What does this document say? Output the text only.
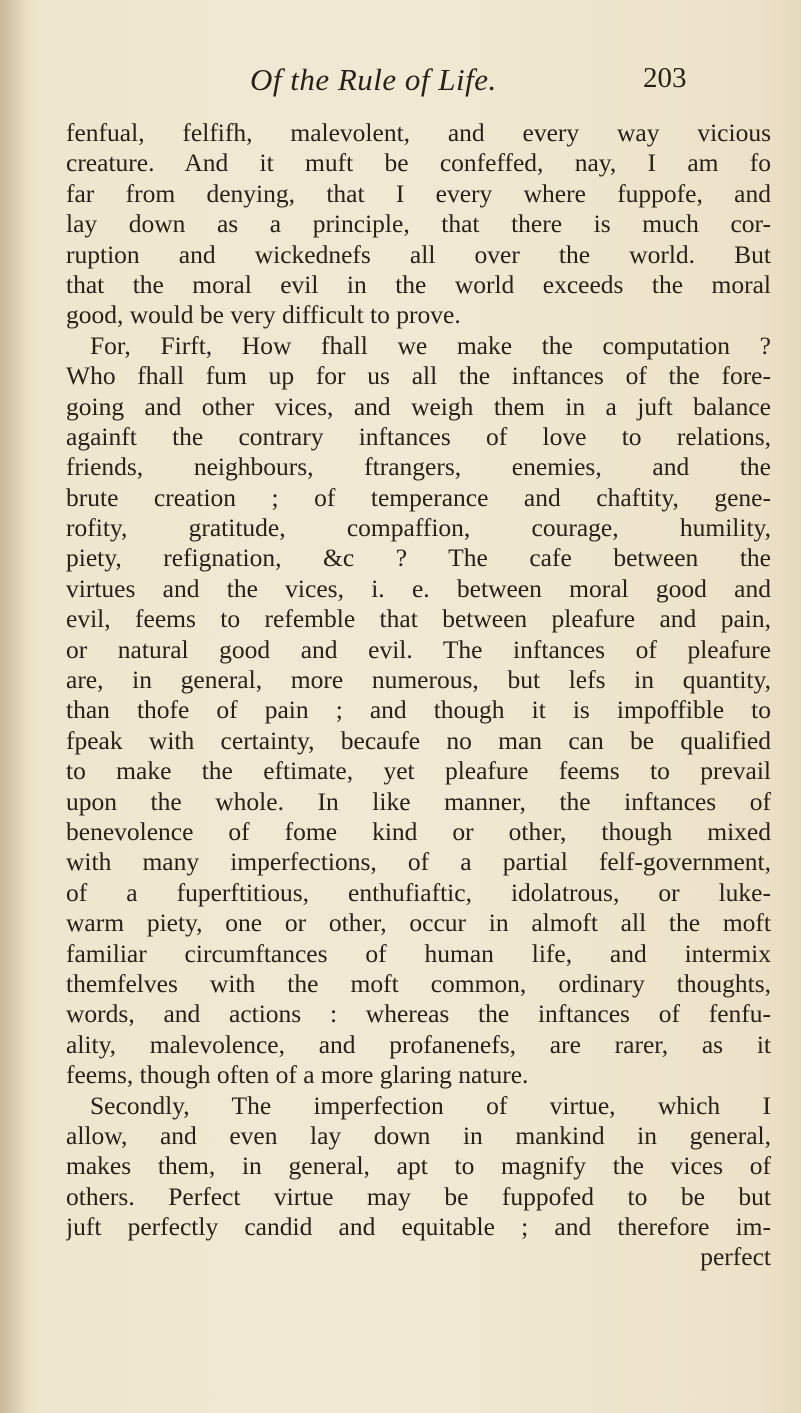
Of the Rule of Life.	203
fenfual, felfifh, malevolent, and every way vicious
creature. And it muft be confeffed, nay, I am fo
far from denying, that I every where fuppofe, and
lay down as a principle, that there is much cor-
ruption and wickednefs all over the world. But
that the moral evil in the world exceeds the moral
good, would be very difficult to prove.
For, Firft, How fhall we make the computation ?
Who fhall fum up for us all the inftances of the fore-
going and other vices, and weigh them in a juft balance
againft the contrary inftances of love to relations,
friends, neighbours, ftrangers, enemies, and the
brute creation ; of temperance and chaftity, gene-
rofity, gratitude, compaffion, courage, humility,
piety, refignation, &c ? The cafe between the
virtues and the vices, i. e. between moral good and
evil, feems to refemble that between pleafure and pain,
or natural good and evil. The inftances of pleafure
are, in general, more numerous, but lefs in quantity,
than thofe of pain ; and though it is impoffible to
fpeak with certainty, becaufe no man can be qualified
to make the eftimate, yet pleafure feems to prevail
upon the whole. In like manner, the inftances of
benevolence of fome kind or other, though mixed
with many imperfections, of a partial felf-government,
of a fuperftitious, enthufiaftic, idolatrous, or luke-
warm piety, one or other, occur in almoft all the moft
familiar circumftances of human life, and intermix
themfelves with the moft common, ordinary thoughts,
words, and actions : whereas the inftances of fenfu-
ality, malevolence, and profanenefs, are rarer, as it
feems, though often of a more glaring nature.
Secondly, The imperfection of virtue, which I
allow, and even lay down in mankind in general,
makes them, in general, apt to magnify the vices of
others. Perfect virtue may be fuppofed to be but
juft perfectly candid and equitable ; and therefore im-
perfect
